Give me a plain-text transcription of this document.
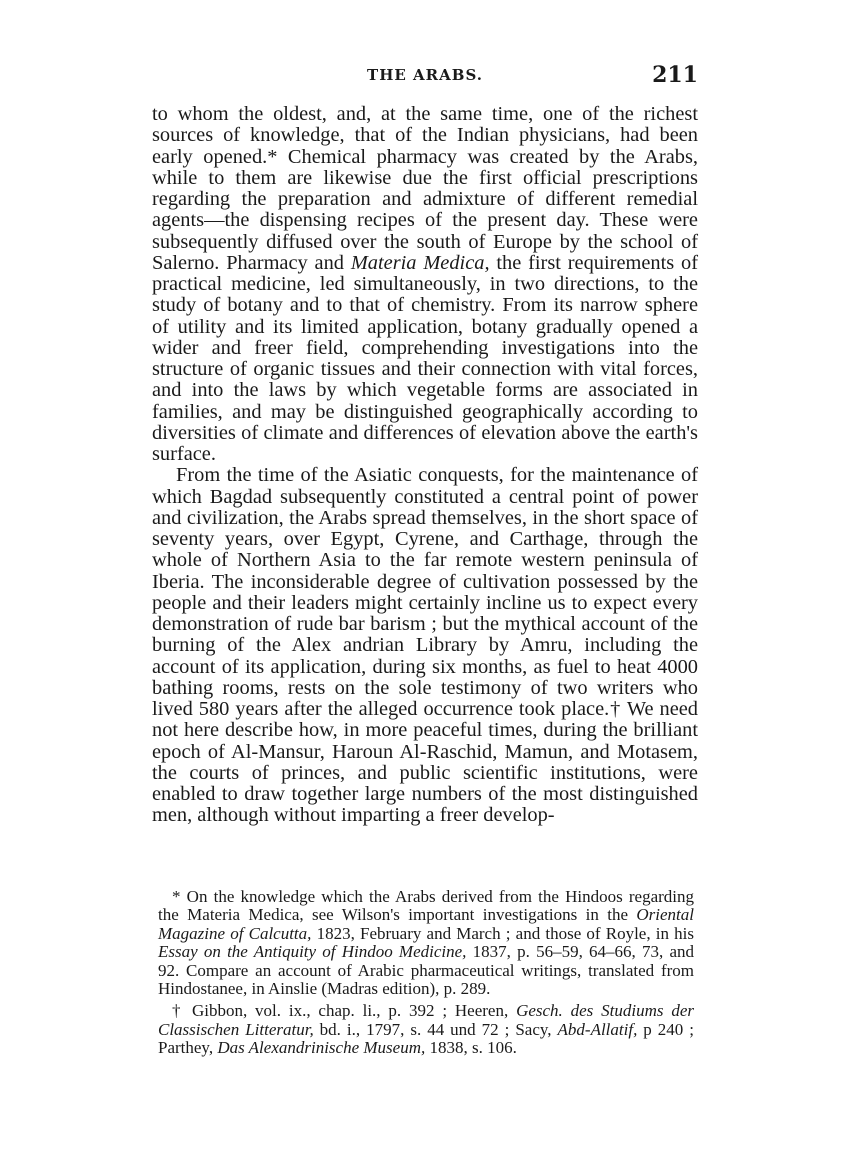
THE ARABS.	211

to whom the oldest, and, at the same time, one of the richest sources of knowledge, that of the Indian physicians, had been early opened.* Chemical pharmacy was created by the Arabs, while to them are likewise due the first official prescriptions regarding the preparation and admixture of different remedial agents—the dispensing recipes of the present day. These were subsequently diffused over the south of Europe by the school of Salerno. Pharmacy and Materia Medica, the first requirements of practical medicine, led simultaneously, in two directions, to the study of botany and to that of chemistry. From its narrow sphere of utility and its limited application, botany gradually opened a wider and freer field, comprehending investigations into the structure of organic tissues and their connection with vital forces, and into the laws by which vegetable forms are associated in families, and may be distinguished geographically according to diversities of climate and differences of elevation above the earth's surface.

From the time of the Asiatic conquests, for the maintenance of which Bagdad subsequently constituted a central point of power and civilization, the Arabs spread themselves, in the short space of seventy years, over Egypt, Cyrene, and Carthage, through the whole of Northern Asia to the far remote western peninsula of Iberia. The inconsiderable degree of cultivation possessed by the people and their leaders might certainly incline us to expect every demonstration of rude bar barism ; but the mythical account of the burning of the Alex andrian Library by Amru, including the account of its application, during six months, as fuel to heat 4000 bathing rooms, rests on the sole testimony of two writers who lived 580 years after the alleged occurrence took place.† We need not here describe how, in more peaceful times, during the brilliant epoch of Al-Mansur, Haroun Al-Raschid, Mamun, and Motasem, the courts of princes, and public scientific institutions, were enabled to draw together large numbers of the most distinguished men, although without imparting a freer develop-

* On the knowledge which the Arabs derived from the Hindoos regarding the Materia Medica, see Wilson's important investigations in the Oriental Magazine of Calcutta, 1823, February and March ; and those of Royle, in his Essay on the Antiquity of Hindoo Medicine, 1837, p. 56–59, 64–66, 73, and 92. Compare an account of Arabic pharmaceutical writings, translated from Hindostanee, in Ainslie (Madras edition), p. 289.

† Gibbon, vol. ix., chap. li., p. 392 ; Heeren, Gesch. des Studiums der Classischen Litteratur, bd. i., 1797, s. 44 und 72 ; Sacy, Abd-Allatif, p 240 ; Parthey, Das Alexandrinische Museum, 1838, s. 106.
